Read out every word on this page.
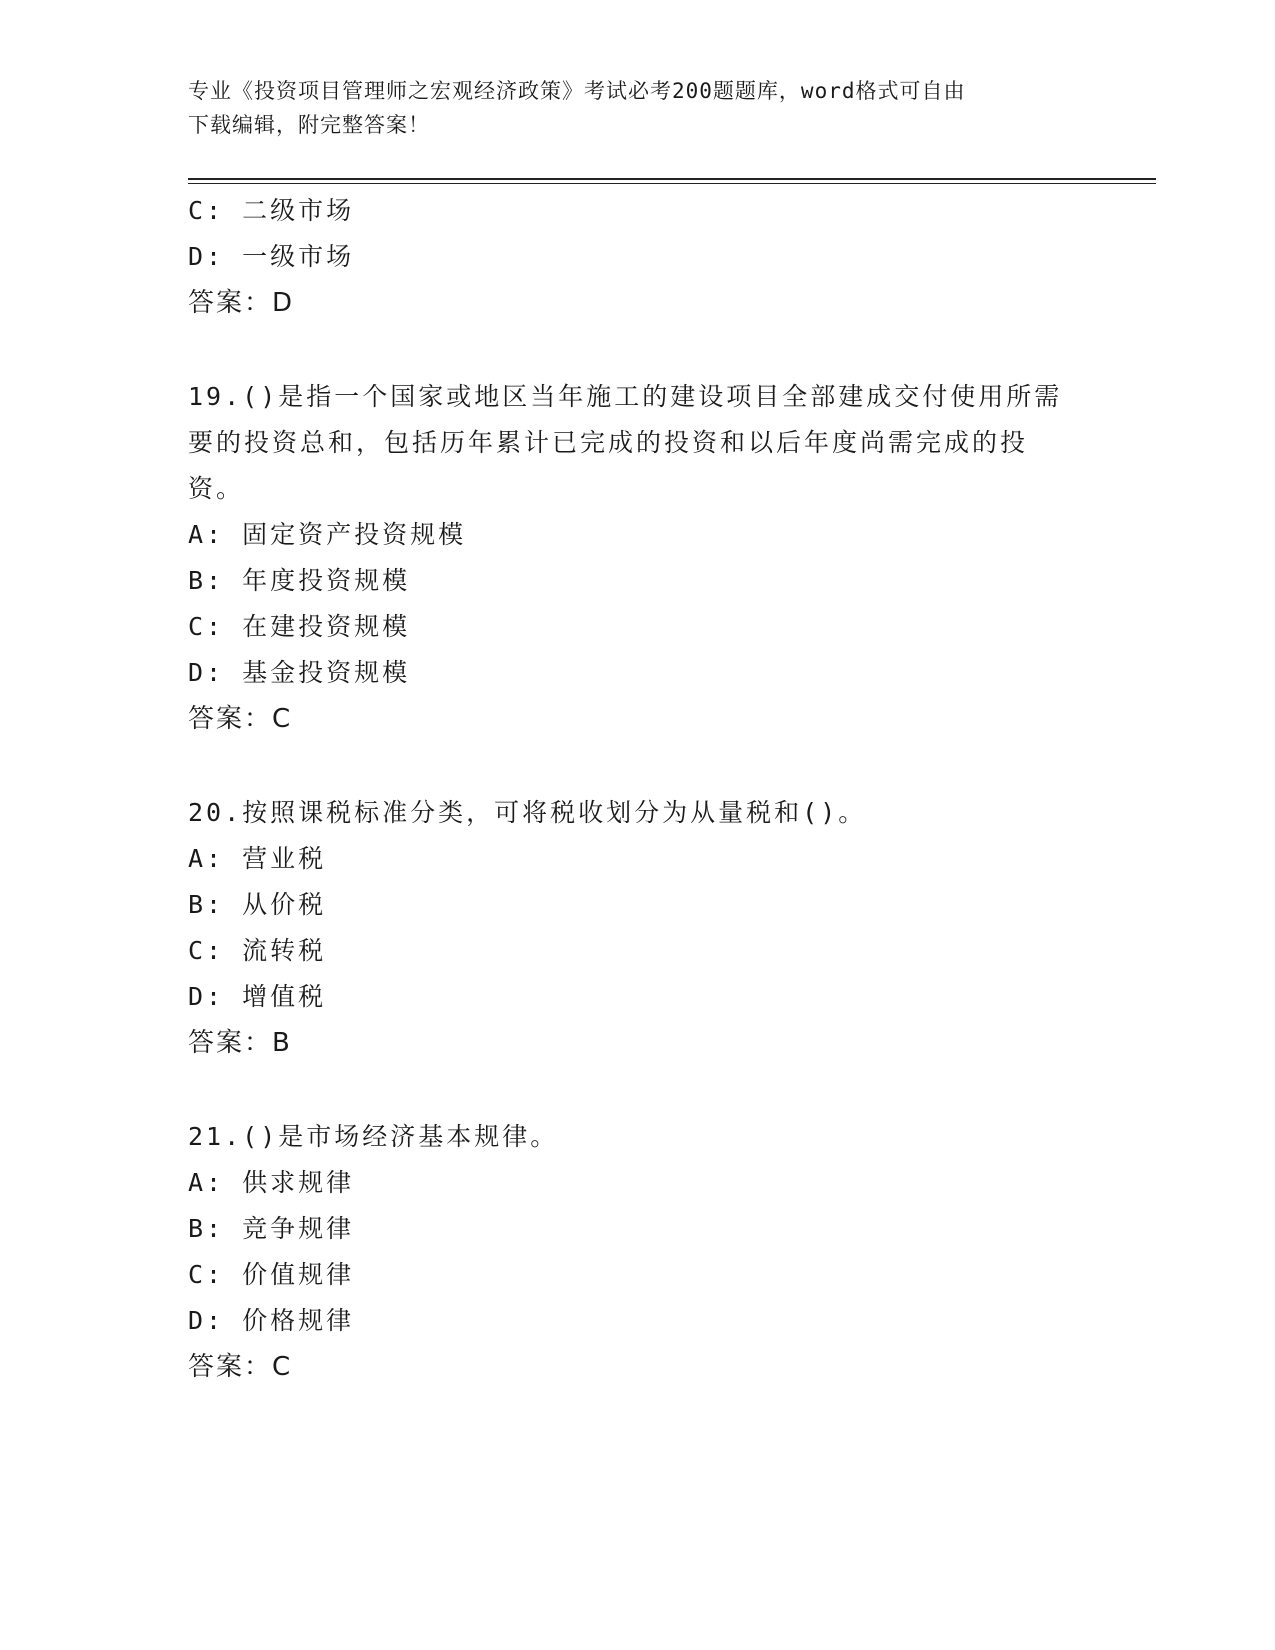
专业《投资项目管理师之宏观经济政策》考试必考200题题库，word格式可自由
下载编辑，附完整答案！
C: 二级市场
D: 一级市场
答案：D
19.()是指一个国家或地区当年施工的建设项目全部建成交付使用所需
要的投资总和，包括历年累计已完成的投资和以后年度尚需完成的投
资。
A: 固定资产投资规模
B: 年度投资规模
C: 在建投资规模
D: 基金投资规模
答案：C
20.按照课税标准分类，可将税收划分为从量税和()。
A: 营业税
B: 从价税
C: 流转税
D: 增值税
答案：B
21.()是市场经济基本规律。
A: 供求规律
B: 竞争规律
C: 价值规律
D: 价格规律
答案：C
